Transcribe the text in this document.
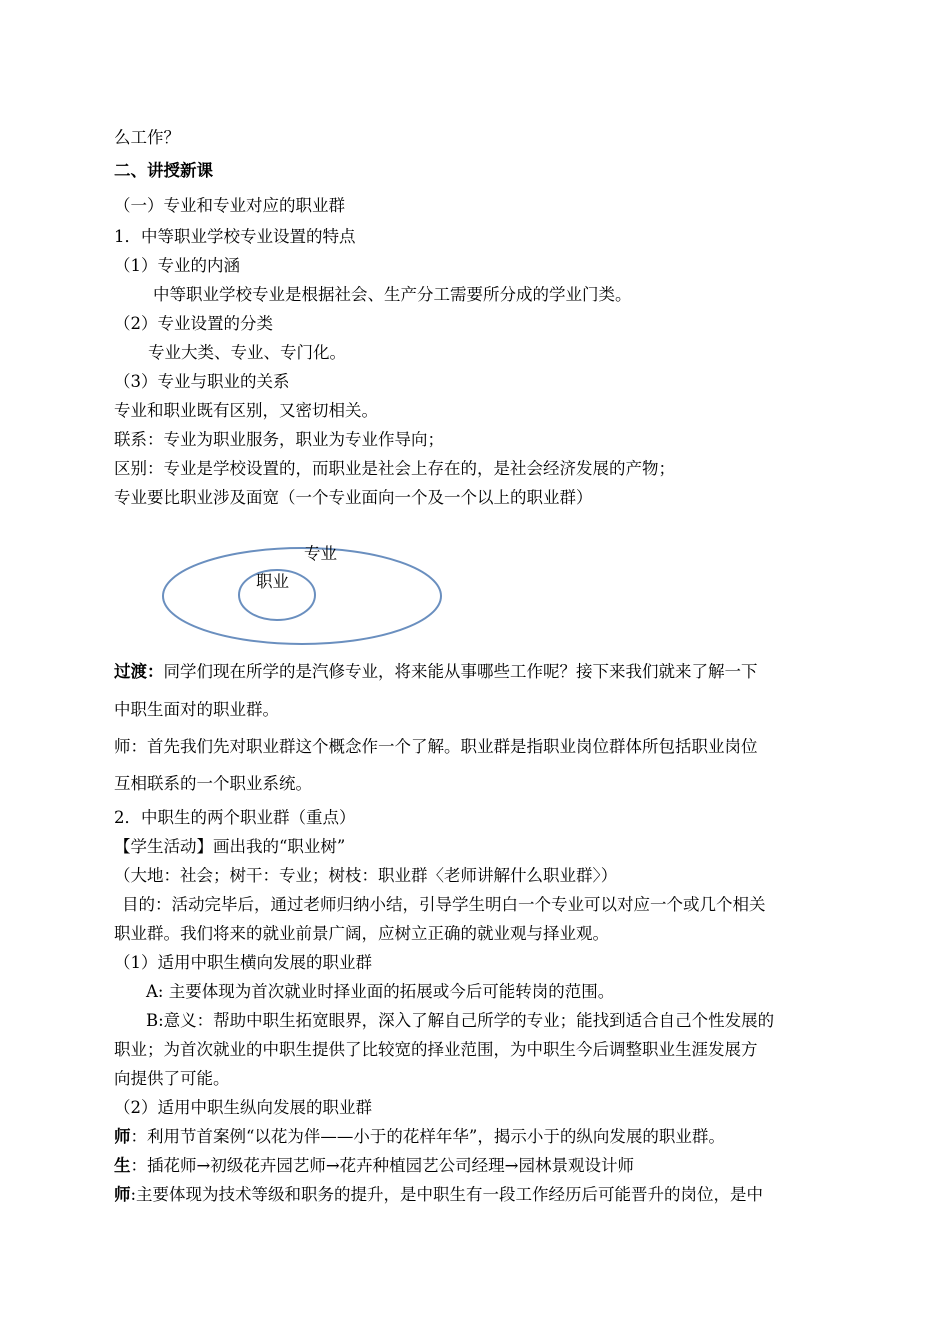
么工作？
二、讲授新课
（一）专业和专业对应的职业群
1．中等职业学校专业设置的特点
（1）专业的内涵
中等职业学校专业是根据社会、生产分工需要所分成的学业门类。
（2）专业设置的分类
专业大类、专业、专门化。
（3）专业与职业的关系
专业和职业既有区别，又密切相关。
联系：专业为职业服务，职业为专业作导向；
区别：专业是学校设置的，而职业是社会上存在的，是社会经济发展的产物；
专业要比职业涉及面宽（一个专业面向一个及一个以上的职业群）
专业
职业
过渡：同学们现在所学的是汽修专业，将来能从事哪些工作呢？接下来我们就来了解一下
中职生面对的职业群。
师：首先我们先对职业群这个概念作一个了解。职业群是指职业岗位群体所包括职业岗位
互相联系的一个职业系统。
2．中职生的两个职业群（重点）
【学生活动】画出我的“职业树”
（大地：社会；树干：专业；树枝：职业群〈老师讲解什么职业群〉）
目的：活动完毕后，通过老师归纳小结，引导学生明白一个专业可以对应一个或几个相关
职业群。我们将来的就业前景广阔，应树立正确的就业观与择业观。
（1）适用中职生横向发展的职业群
A: 主要体现为首次就业时择业面的拓展或今后可能转岗的范围。
B:意义：帮助中职生拓宽眼界，深入了解自己所学的专业；能找到适合自己个性发展的
职业；为首次就业的中职生提供了比较宽的择业范围，为中职生今后调整职业生涯发展方
向提供了可能。
（2）适用中职生纵向发展的职业群
师：利用节首案例“以花为伴——小于的花样年华”，揭示小于的纵向发展的职业群。
生：插花师→初级花卉园艺师→花卉种植园艺公司经理→园林景观设计师
师:主要体现为技术等级和职务的提升，是中职生有一段工作经历后可能晋升的岗位，是中
